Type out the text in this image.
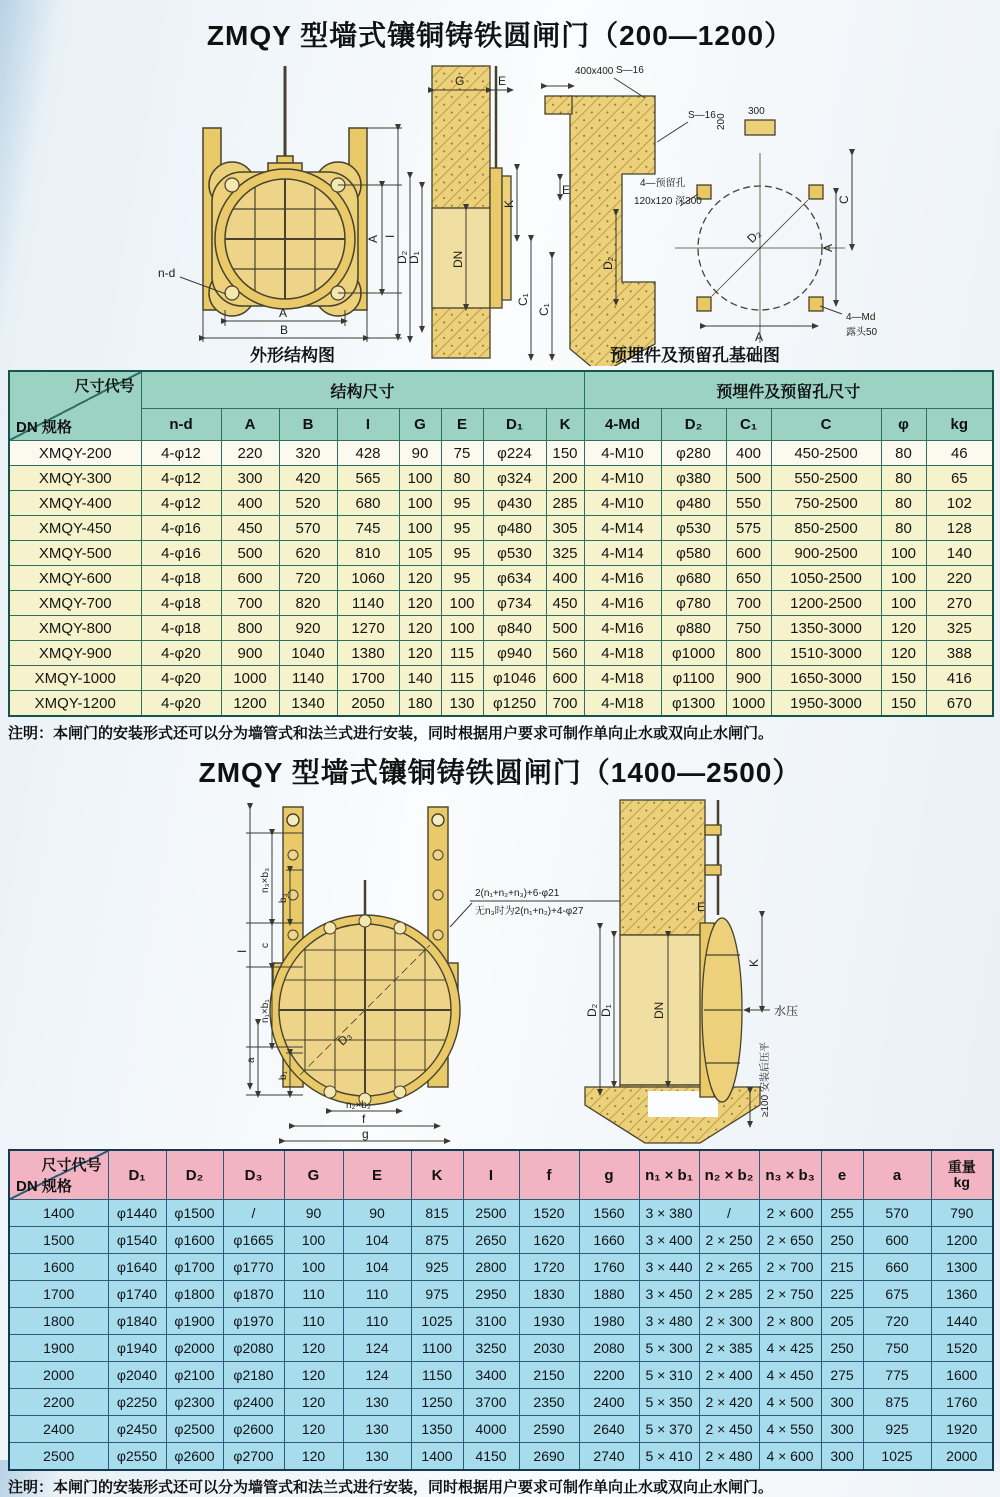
ZMQY 型墙式镶铜铸铁圆闸门（200—1200）
A
B
n-d
A I
外形结构图
G	E
D₂
D₁	DN
K
C₁
400x400 S—16
S—16
E
C₁
D₂
200
300
4—预留孔
120x120 深300
D₂
A
C
A
4—Md
露头50
预埋件及预留孔基础图
尺寸代号
DN 规格	结构尺寸								预埋件及预留孔尺寸					
	n-d	A	B	I	G	E	D₁	K	4-Md	D₂	C₁	C	φ	kg
XMQY-200	4-φ12	220	320	428	90	75	φ224	150	4-M10	φ280	400	450-2500	80	46
XMQY-300	4-φ12	300	420	565	100	80	φ324	200	4-M10	φ380	500	550-2500	80	65
XMQY-400	4-φ12	400	520	680	100	95	φ430	285	4-M10	φ480	550	750-2500	80	102
XMQY-450	4-φ16	450	570	745	100	95	φ480	305	4-M14	φ530	575	850-2500	80	128
XMQY-500	4-φ16	500	620	810	105	95	φ530	325	4-M14	φ580	600	900-2500	100	140
XMQY-600	4-φ18	600	720	1060	120	95	φ634	400	4-M16	φ680	650	1050-2500	100	220
XMQY-700	4-φ18	700	820	1140	120	100	φ734	450	4-M16	φ780	700	1200-2500	100	270
XMQY-800	4-φ18	800	920	1270	120	100	φ840	500	4-M16	φ880	750	1350-3000	120	325
XMQY-900	4-φ20	900	1040	1380	120	115	φ940	560	4-M18	φ1000	800	1510-3000	120	388
XMQY-1000	4-φ20	1000	1140	1700	140	115	φ1046	600	4-M18	φ1100	900	1650-3000	150	416
XMQY-1200	4-φ20	1200	1340	2050	180	130	φ1250	700	4-M18	φ1300	1000	1950-3000	150	670

注明：本闸门的安装形式还可以分为墙管式和法兰式进行安装，同时根据用户要求可制作单向止水或双向止水闸门。

ZMQY 型墙式镶铜铸铁圆闸门（1400—2500）
I
n₃×b₃
b₃
c
n₁×b₁
a
b₁
D₃
n₂×b₂
f
g
2(n₁+n₂+n₃)+6-φ21
无n₃时为2(n₁+n₂)+4-φ27	E
K
水压
D₂ D₁	DN
≥100 安装后压平
尺寸代号
DN 规格	D₁	D₂	D₃	G	E	K	I	f	g	n₁ × b₁	n₂ × b₂	n₃ × b₃	e	a	重量
kg

1400	φ1440	φ1500	/	90	90	815	2500	1520	1560	3 × 380	/	2 × 600	255	570	790
1500	φ1540	φ1600	φ1665	100	104	875	2650	1620	1660	3 × 400	2 × 250	2 × 650	250	600	1200
1600	φ1640	φ1700	φ1770	100	104	925	2800	1720	1760	3 × 440	2 × 265	2 × 700	215	660	1300
1700	φ1740	φ1800	φ1870	110	110	975	2950	1830	1880	3 × 450	2 × 285	2 × 750	225	675	1360
1800	φ1840	φ1900	φ1970	110	110	1025	3100	1930	1980	3 × 480	2 × 300	2 × 800	205	720	1440
1900	φ1940	φ2000	φ2080	120	124	1100	3250	2030	2080	5 × 300	2 × 385	4 × 425	250	750	1520
2000	φ2040	φ2100	φ2180	120	124	1150	3400	2150	2200	5 × 310	2 × 400	4 × 450	275	775	1600
2200	φ2250	φ2300	φ2400	120	130	1250	3700	2350	2400	5 × 350	2 × 420	4 × 500	300	875	1760
2400	φ2450	φ2500	φ2600	120	130	1350	4000	2590	2640	5 × 370	2 × 450	4 × 550	300	925	1920
2500	φ2550	φ2600	φ2700	120	130	1400	4150	2690	2740	5 × 410	2 × 480	4 × 600	300	1025	2000

注明：本闸门的安装形式还可以分为墙管式和法兰式进行安装，同时根据用户要求可制作单向止水或双向止水闸门。
